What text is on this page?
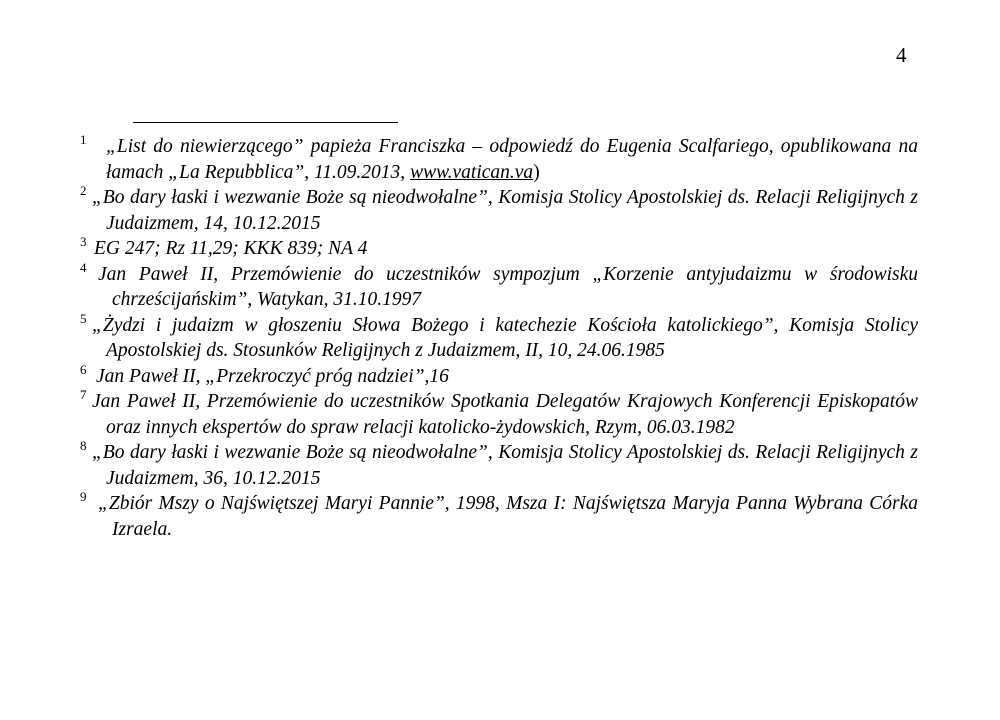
4

1 „List do niewierzącego” papieża Franciszka – odpowiedź do Eugenia Scalfariego, opublikowana na łamach „La Repubblica”, 11.09.2013, www.vatican.va)

2 „Bo dary łaski i wezwanie Boże są nieodwołalne”, Komisja Stolicy Apostolskiej ds. Relacji Religijnych z Judaizmem, 14, 10.12.2015

3 EG 247; Rz 11,29; KKK 839; NA 4

4 Jan Paweł II, Przemówienie do uczestników sympozjum „Korzenie antyjudaizmu w środowisku chrześcijańskim”, Watykan, 31.10.1997

5 „Żydzi i judaizm w głoszeniu Słowa Bożego i katechezie Kościoła katolickiego”, Komisja Stolicy Apostolskiej ds. Stosunków Religijnych z Judaizmem, II, 10, 24.06.1985

6 Jan Paweł II, „Przekroczyć próg nadziei”,16

7 Jan Paweł II, Przemówienie do uczestników Spotkania Delegatów Krajowych Konferencji Episkopatów oraz innych ekspertów do spraw relacji katolicko-żydowskich, Rzym, 06.03.1982

8 „Bo dary łaski i wezwanie Boże są nieodwołalne”, Komisja Stolicy Apostolskiej ds. Relacji Religijnych z Judaizmem, 36, 10.12.2015

9 „Zbiór Mszy o Najświętszej Maryi Pannie”, 1998, Msza I: Najświętsza Maryja Panna Wybrana Córka Izraela.
